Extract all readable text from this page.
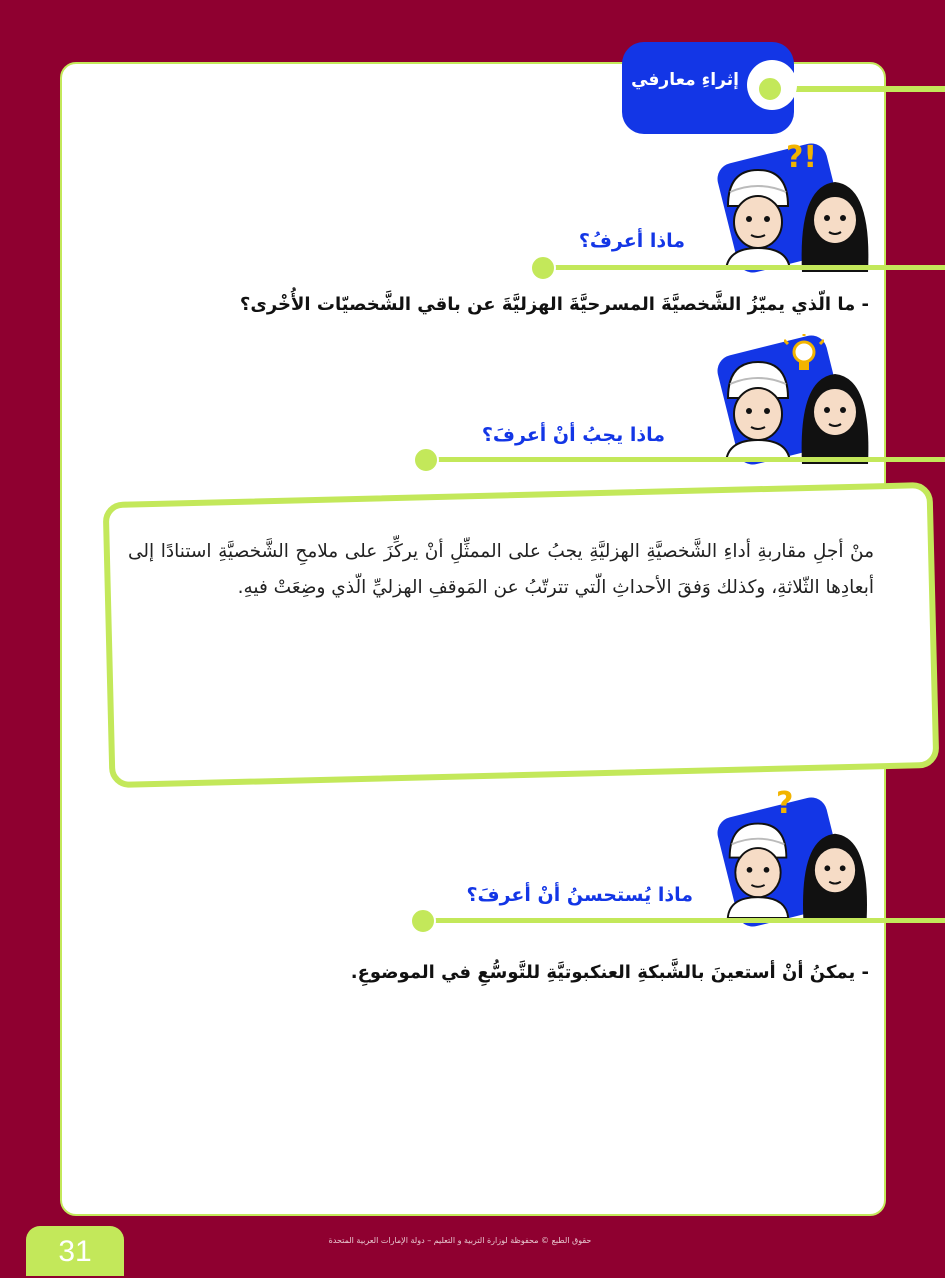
إثراءِ معارفي
?!
ماذا أعرفُ؟
- ما الّذي يميّزُ الشَّخصيَّةَ المسرحيَّةَ الهزليَّةَ عن باقي الشَّخصيّات الأُخْرى؟
ماذا يجبُ أنْ أعرفَ؟
منْ أجلِ مقاربةِ أداءِ الشَّخصيَّةِ الهزليَّةِ يجبُ على الممثِّلِ أنْ يركِّزَ على ملامحِ الشَّخصيَّةِ استنادًا إلى أبعادِها الثّلاثةِ، وكذلك وَفقَ الأحداثِ الّتي تترتّبُ عن المَوقفِ الهزليِّ الّذي وضِعَتْ فيهِ.
?
ماذا يُستحسنُ أنْ أعرفَ؟
- يمكنُ أنْ أستعينَ بالشَّبكةِ العنكبوتيَّةِ للتَّوسُّعِ في الموضوعِ.
31	حقوق الطبع © محفوظة لوزارة التربية و التعليم – دولة الإمارات العربية المتحدة
